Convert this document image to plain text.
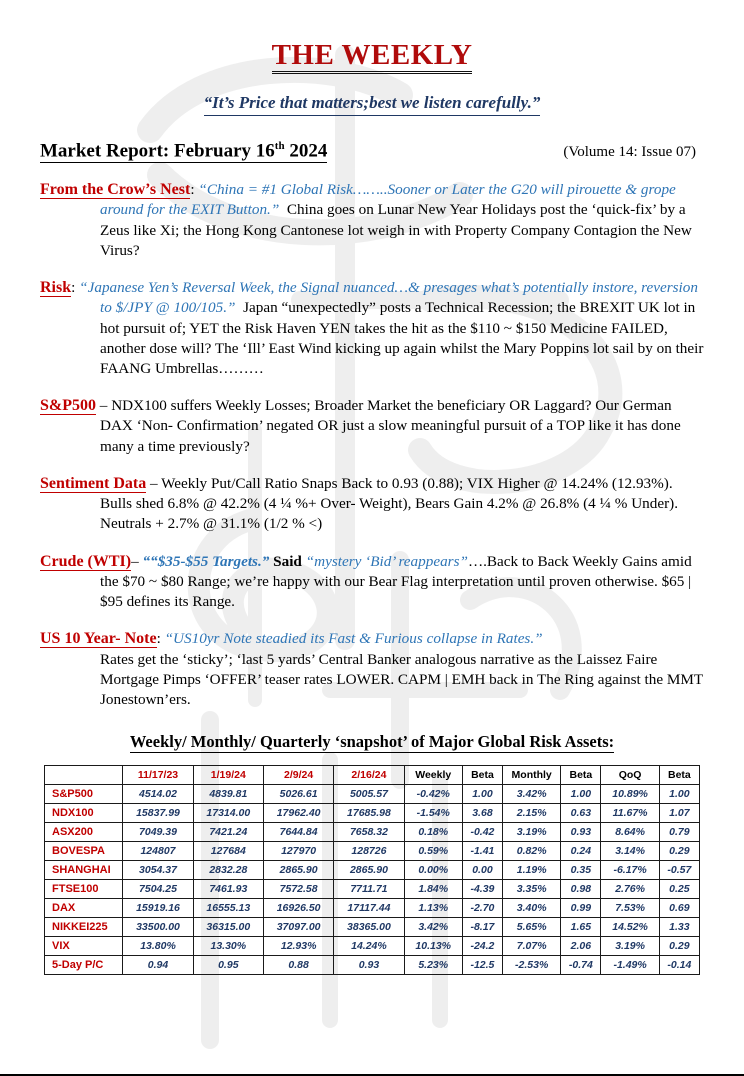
THE WEEKLY
“It’s Price that matters;best we listen carefully.”
Market Report: February 16th 2024	(Volume 14: Issue 07)
From the Crow’s Nest: “China = #1 Global Risk……..Sooner or Later the G20 will pirouette & grope around for the EXIT Button.” China goes on Lunar New Year Holidays post the ‘quick-fix’ by a Zeus like Xi; the Hong Kong Cantonese lot weigh in with Property Company Contagion the New Virus?
Risk: “Japanese Yen’s Reversal Week, the Signal nuanced…& presages what’s potentially instore, reversion to $/JPY @ 100/105.” Japan “unexpectedly” posts a Technical Recession; the BREXIT UK lot in hot pursuit of; YET the Risk Haven YEN takes the hit as the $110 ~ $150 Medicine FAILED, another dose will? The ‘Ill’ East Wind kicking up again whilst the Mary Poppins lot sail by on their FAANG Umbrellas………
S&P500 – NDX100 suffers Weekly Losses; Broader Market the beneficiary OR Laggard? Our German DAX ‘Non- Confirmation’ negated OR just a slow meaningful pursuit of a TOP like it has done many a time previously?
Sentiment Data – Weekly Put/Call Ratio Snaps Back to 0.93 (0.88); VIX Higher @ 14.24% (12.93%). Bulls shed 6.8% @ 42.2% (4 ¼ %+ Over- Weight), Bears Gain 4.2% @ 26.8% (4 ¼ % Under). Neutrals + 2.7% @ 31.1% (1/2 % <)
Crude (WTI)– ““$35-$55 Targets.” Said “mystery ‘Bid’ reappears”….Back to Back Weekly Gains amid the $70 ~ $80 Range; we’re happy with our Bear Flag interpretation until proven otherwise. $65 | $95 defines its Range.
US 10 Year- Note: “US10yr Note steadied its Fast & Furious collapse in Rates.”
Rates get the ‘sticky’; ‘last 5 yards’ Central Banker analogous narrative as the Laissez Faire Mortgage Pimps ‘OFFER’ teaser rates LOWER. CAPM | EMH back in The Ring against the MMT Jonestown’ers.
Weekly/ Monthly/ Quarterly ‘snapshot’ of Major Global Risk Assets:
	11/17/23	1/19/24	2/9/24	2/16/24	Weekly	Beta	Monthly	Beta	QoQ	Beta
S&P500	4514.02	4839.81	5026.61	5005.57	-0.42%	1.00	3.42%	1.00	10.89%	1.00
NDX100	15837.99	17314.00	17962.40	17685.98	-1.54%	3.68	2.15%	0.63	11.67%	1.07
ASX200	7049.39	7421.24	7644.84	7658.32	0.18%	-0.42	3.19%	0.93	8.64%	0.79
BOVESPA	124807	127684	127970	128726	0.59%	-1.41	0.82%	0.24	3.14%	0.29
SHANGHAI	3054.37	2832.28	2865.90	2865.90	0.00%	0.00	1.19%	0.35	-6.17%	-0.57
FTSE100	7504.25	7461.93	7572.58	7711.71	1.84%	-4.39	3.35%	0.98	2.76%	0.25
DAX	15919.16	16555.13	16926.50	17117.44	1.13%	-2.70	3.40%	0.99	7.53%	0.69
NIKKEI225	33500.00	36315.00	37097.00	38365.00	3.42%	-8.17	5.65%	1.65	14.52%	1.33
VIX	13.80%	13.30%	12.93%	14.24%	10.13%	-24.2	7.07%	2.06	3.19%	0.29
5-Day P/C	0.94	0.95	0.88	0.93	5.23%	-12.5	-2.53%	-0.74	-1.49%	-0.14
